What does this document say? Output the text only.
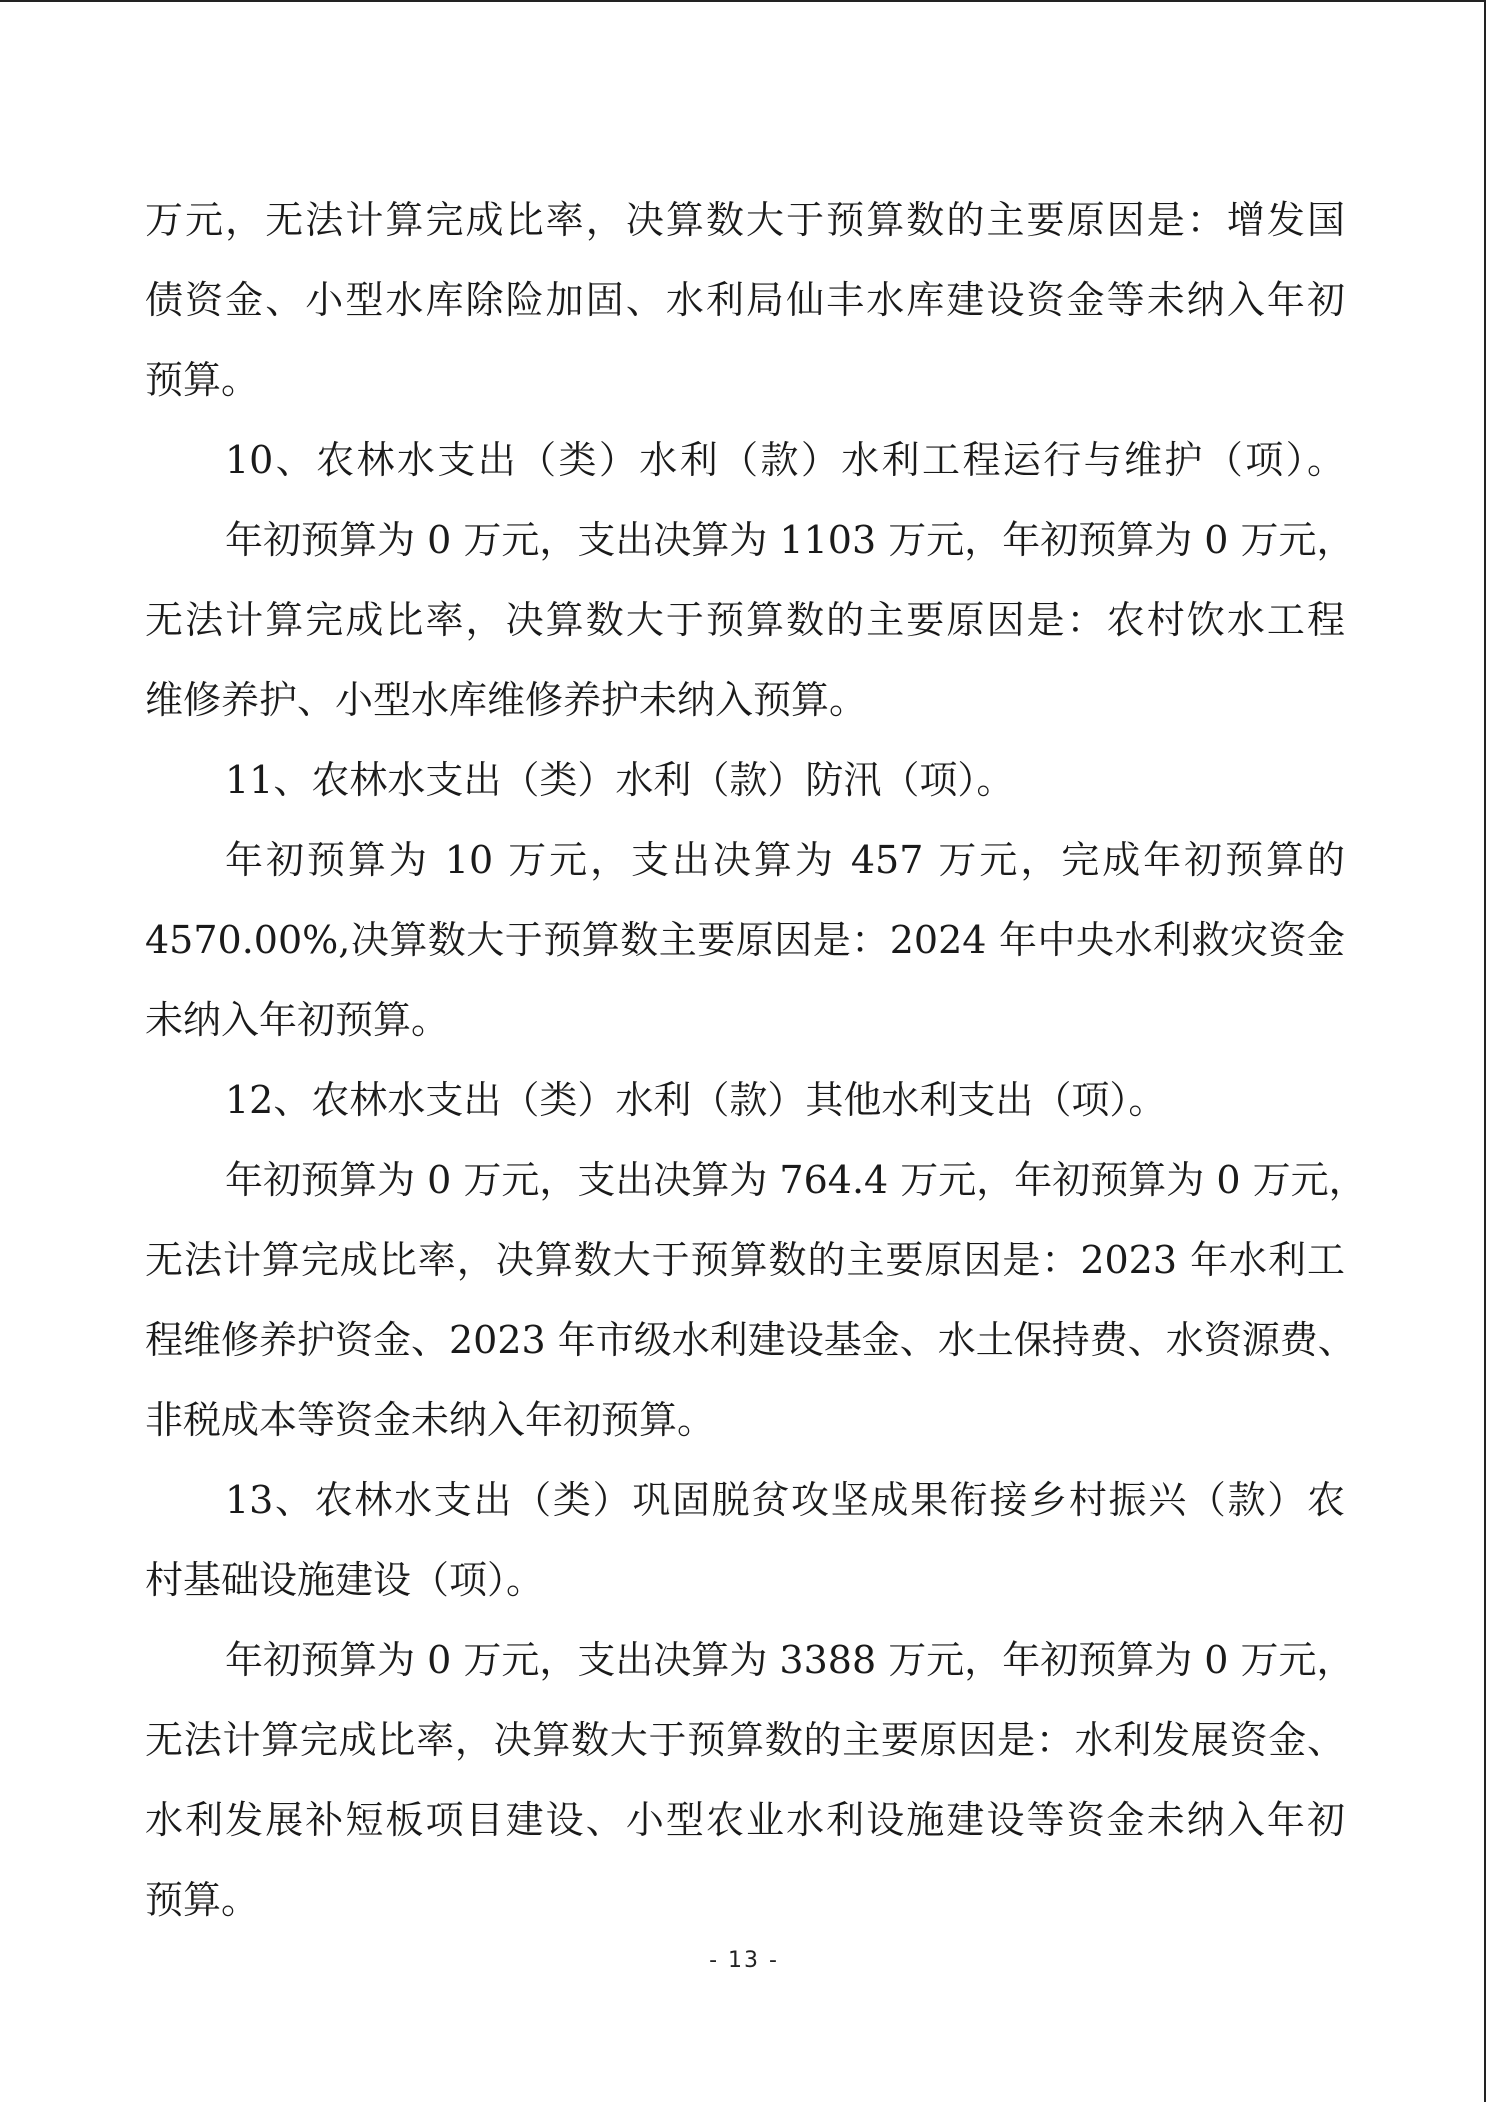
万元，无法计算完成比率，决算数大于预算数的主要原因是：增发国
债资金、小型水库除险加固、水利局仙丰水库建设资金等未纳入年初
预算。
10、农林水支出（类）水利（款）水利工程运行与维护（项）。
年初预算为 0 万元，支出决算为 1103 万元，年初预算为 0 万元，
无法计算完成比率，决算数大于预算数的主要原因是：农村饮水工程
维修养护、小型水库维修养护未纳入预算。
11、农林水支出（类）水利（款）防汛（项）。
年初预算为 10 万元，支出决算为 457 万元，完成年初预算的
4570.00%,决算数大于预算数主要原因是：2024 年中央水利救灾资金
未纳入年初预算。
12、农林水支出（类）水利（款）其他水利支出（项）。
年初预算为 0 万元，支出决算为 764.4 万元，年初预算为 0 万元，
无法计算完成比率，决算数大于预算数的主要原因是：2023 年水利工
程维修养护资金、2023 年市级水利建设基金、水土保持费、水资源费、
非税成本等资金未纳入年初预算。
13、农林水支出（类）巩固脱贫攻坚成果衔接乡村振兴（款）农
村基础设施建设（项）。
年初预算为 0 万元，支出决算为 3388 万元，年初预算为 0 万元，
无法计算完成比率，决算数大于预算数的主要原因是：水利发展资金、
水利发展补短板项目建设、小型农业水利设施建设等资金未纳入年初
预算。
- 13 -
